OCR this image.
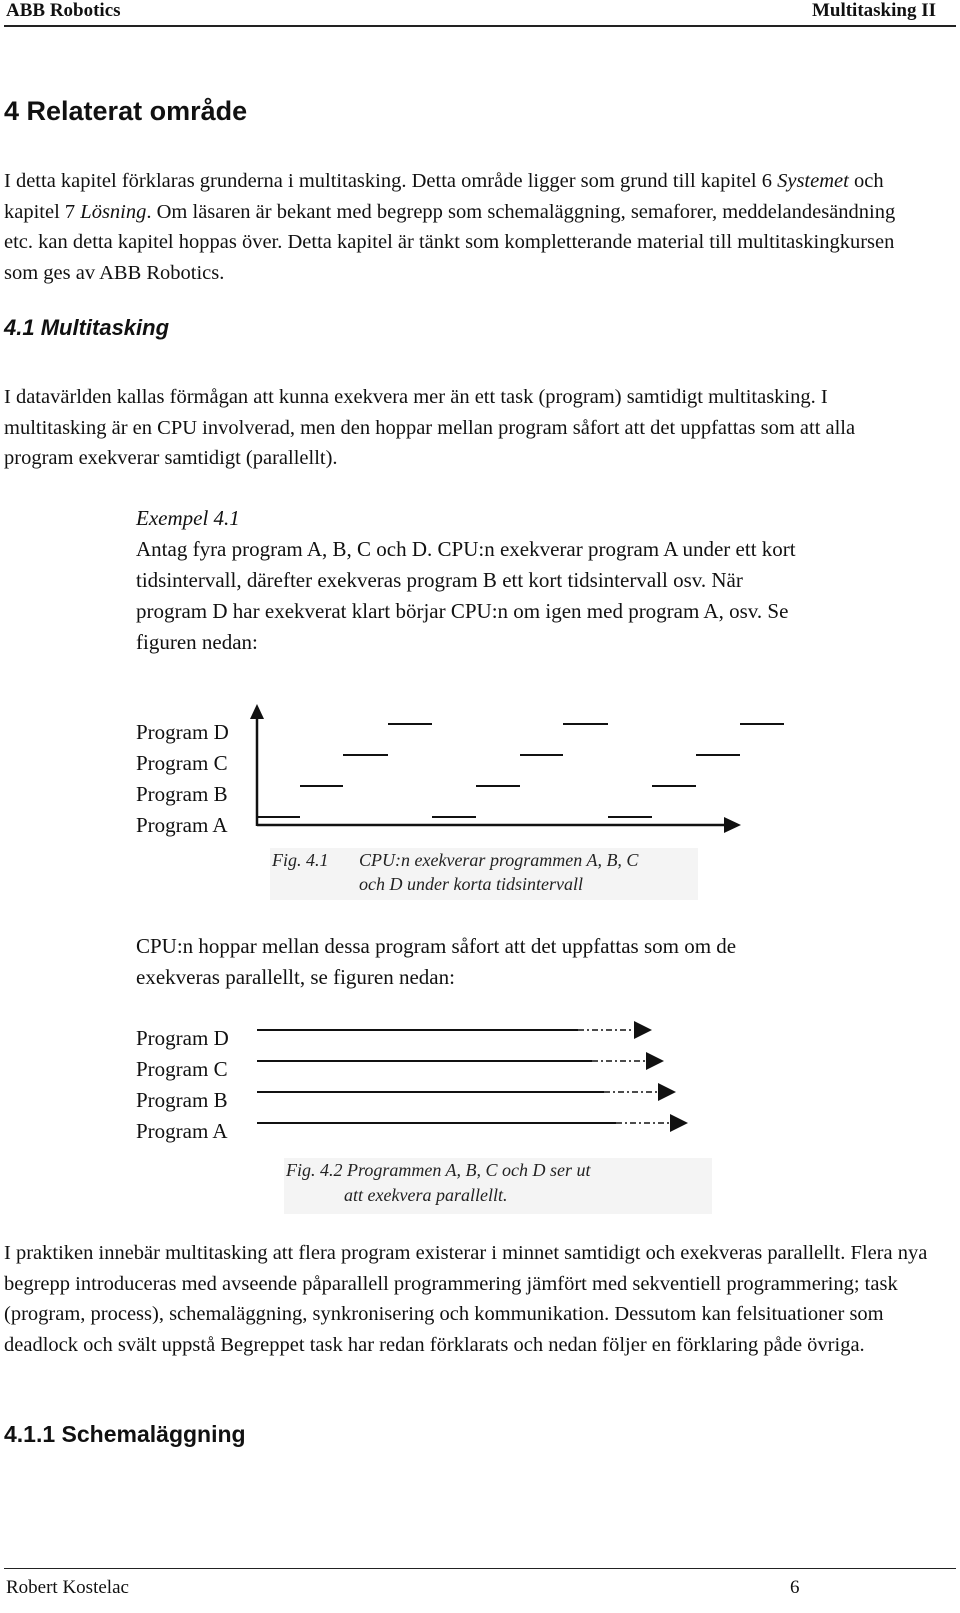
ABB Robotics	Multitasking II
4 Relaterat område

I detta kapitel förklaras grunderna i multitasking. Detta område ligger som grund till kapitel 6 Systemet och kapitel 7 Lösning. Om läsaren är bekant med begrepp som schemaläggning, semaforer, meddelandesändning etc. kan detta kapitel hoppas över. Detta kapitel är tänkt som kompletterande material till multitaskingkursen som ges av ABB Robotics.

4.1 Multitasking

I datavärlden kallas förmågan att kunna exekvera mer än ett task (program) samtidigt multitasking. I multitasking är en CPU involverad, men den hoppar mellan program såfort att det uppfattas som att alla program exekverar samtidigt (parallellt).

Exempel 4.1
Antag fyra program A, B, C och D. CPU:n exekverar program A under ett kort
tidsintervall, därefter exekveras program B ett kort tidsintervall osv. När
program D har exekverat klart börjar CPU:n om igen med program A, osv. Se
figuren nedan:
Program D
Program C
Program B
Program A
Fig. 4.1 CPU:n exekverar programmen A, B, C
och D under korta tidsintervall
CPU:n hoppar mellan dessa program såfort att det uppfattas som om de
exekveras parallellt, se figuren nedan:
Program D
Program C
Program B
Program A
Fig. 4.2 Programmen A, B, C och D ser ut
att exekvera parallellt.

I praktiken innebär multitasking att flera program existerar i minnet samtidigt och exekveras parallellt. Flera nya begrepp introduceras med avseende påparallell programmering jämfört med sekventiell programmering; task (program, process), schemaläggning, synkronisering och kommunikation. Dessutom kan felsituationer som deadlock och svält uppstå Begreppet task har redan förklarats och nedan följer en förklaring påde övriga.

4.1.1 Schemaläggning
Robert Kostelac	6
